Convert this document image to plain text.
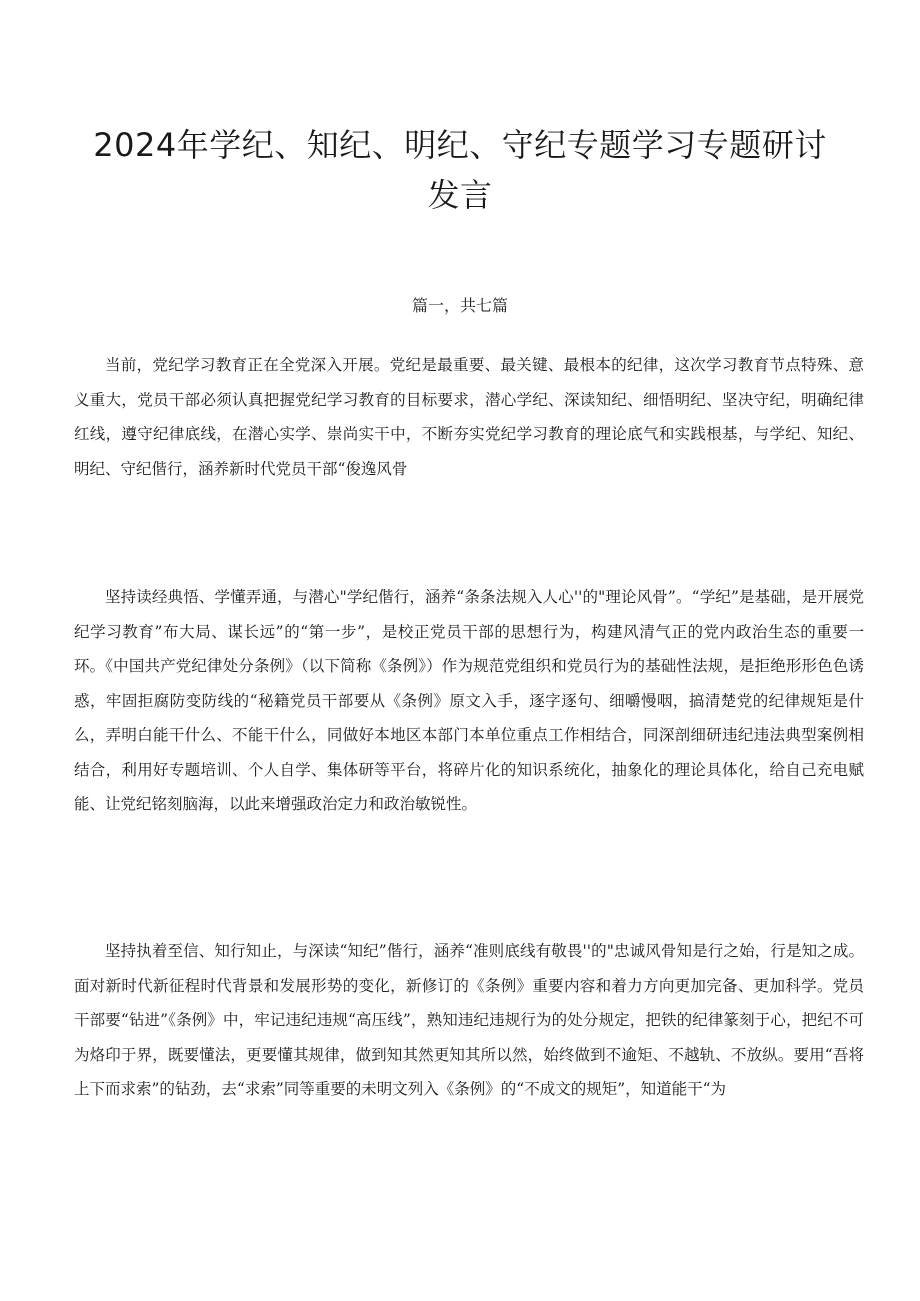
2024年学纪、知纪、明纪、守纪专题学习专题研讨
发言

篇一，共七篇

当前，党纪学习教育正在全党深入开展。党纪是最重要、最关键、最根本的纪律，这次学习教育节点特殊、意义重大，党员干部必须认真把握党纪学习教育的目标要求，潜心学纪、深读知纪、细悟明纪、坚决守纪，明确纪律红线，遵守纪律底线，在潜心实学、崇尚实干中，不断夯实党纪学习教育的理论底气和实践根基，与学纪、知纪、明纪、守纪偕行，涵养新时代党员干部“俊逸风骨

坚持读经典悟、学懂弄通，与潜心"学纪偕行，涵养“条条法规入人心''的"理论风骨”。“学纪”是基础，是开展党纪学习教育”布大局、谋长远”的“第一步”，是校正党员干部的思想行为，构建风清气正的党内政治生态的重要一环。《中国共产党纪律处分条例》（以下简称《条例》）作为规范党组织和党员行为的基础性法规，是拒绝形形色色诱惑，牢固拒腐防变防线的“秘籍党员干部要从《条例》原文入手，逐字逐句、细嚼慢咽，搞清楚党的纪律规矩是什么，弄明白能干什么、不能干什么，同做好本地区本部门本单位重点工作相结合，同深剖细研违纪违法典型案例相结合，利用好专题培训、个人自学、集体研等平台，将碎片化的知识系统化，抽象化的理论具体化，给自己充电赋能、让党纪铭刻脑海，以此来增强政治定力和政治敏锐性。

坚持执着至信、知行知止，与深读“知纪”偕行，涵养“准则底线有敬畏''的"忠诚风骨知是行之始，行是知之成。面对新时代新征程时代背景和发展形势的变化，新修订的《条例》重要内容和着力方向更加完备、更加科学。党员干部要“钻进”《条例》中，牢记违纪违规“高压线”，熟知违纪违规行为的处分规定，把铁的纪律篆刻于心，把纪不可为烙印于界，既要懂法，更要懂其规律，做到知其然更知其所以然，始终做到不逾矩、不越轨、不放纵。要用“吾将上下而求索”的钻劲，去“求索”同等重要的未明文列入《条例》的“不成文的规矩”，知道能干“为
